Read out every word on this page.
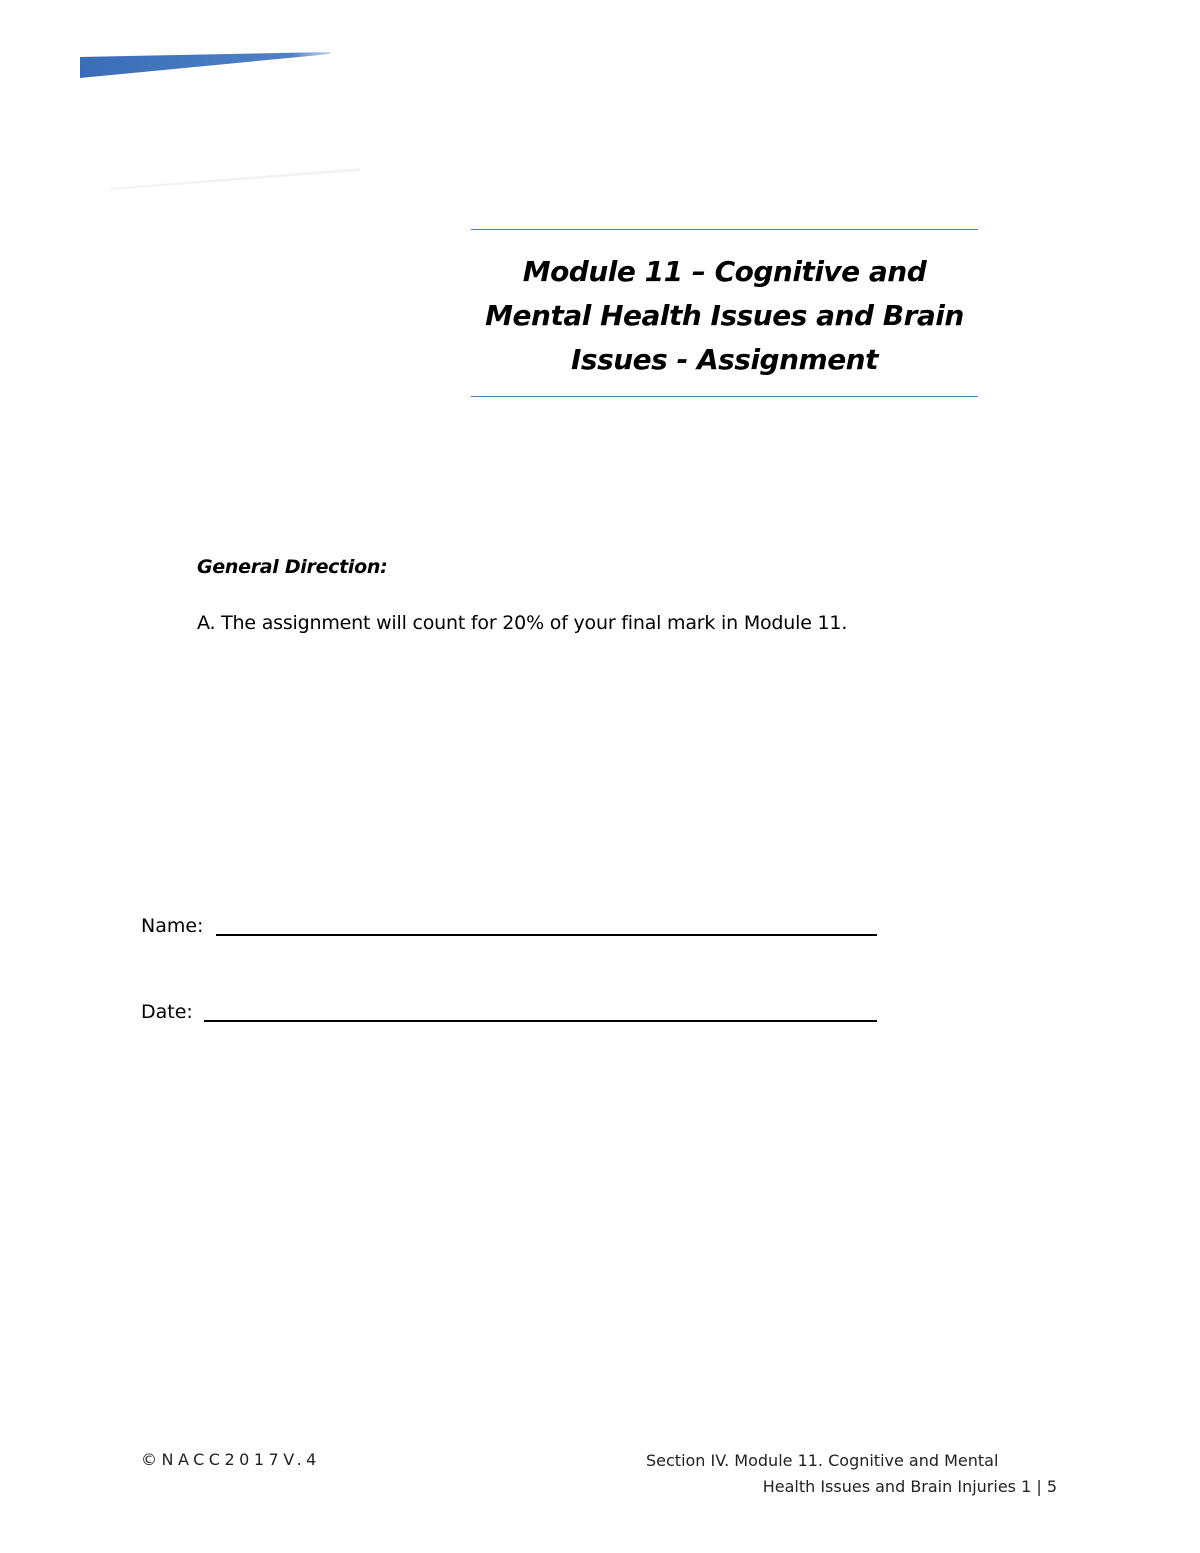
Module 11 – Cognitive and
Mental Health Issues and Brain
Issues - Assignment
General Direction:
A. The assignment will count for 20% of your final mark in Module 11.
Name:
Date:
©NACC2017V.4	Section IV. Module 11. Cognitive and Mental
Health Issues and Brain Injuries 1 | 5
